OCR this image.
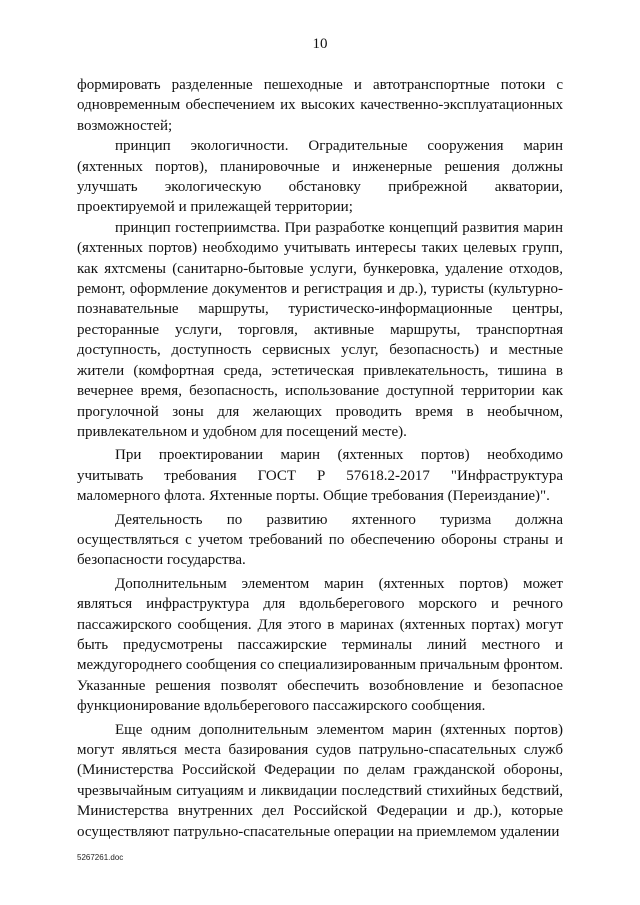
10

формировать разделенные пешеходные и автотранспортные потоки с одновременным обеспечением их высоких качественно-эксплуатационных возможностей;

принцип экологичности. Оградительные сооружения марин (яхтенных портов), планировочные и инженерные решения должны улучшать экологическую обстановку прибрежной акватории, проектируемой и прилежащей территории;

принцип гостеприимства. При разработке концепций развития марин (яхтенных портов) необходимо учитывать интересы таких целевых групп, как яхтсмены (санитарно-бытовые услуги, бункеровка, удаление отходов, ремонт, оформление документов и регистрация и др.), туристы (культурно-познавательные маршруты, туристическо-информационные центры, ресторанные услуги, торговля, активные маршруты, транспортная доступность, доступность сервисных услуг, безопасность) и местные жители (комфортная среда, эстетическая привлекательность, тишина в вечернее время, безопасность, использование доступной территории как прогулочной зоны для желающих проводить время в необычном, привлекательном и удобном для посещений месте).

При проектировании марин (яхтенных портов) необходимо учитывать требования ГОСТ Р 57618.2-2017 "Инфраструктура маломерного флота. Яхтенные порты. Общие требования (Переиздание)".

Деятельность по развитию яхтенного туризма должна осуществляться с учетом требований по обеспечению обороны страны и безопасности государства.

Дополнительным элементом марин (яхтенных портов) может являться инфраструктура для вдольберегового морского и речного пассажирского сообщения. Для этого в маринах (яхтенных портах) могут быть предусмотрены пассажирские терминалы линий местного и междугороднего сообщения со специализированным причальным фронтом. Указанные решения позволят обеспечить возобновление и безопасное функционирование вдольберегового пассажирского сообщения.

Еще одним дополнительным элементом марин (яхтенных портов) могут являться места базирования судов патрульно-спасательных служб (Министерства Российской Федерации по делам гражданской обороны, чрезвычайным ситуациям и ликвидации последствий стихийных бедствий, Министерства внутренних дел Российской Федерации и др.), которые осуществляют патрульно-спасательные операции на приемлемом удалении

5267261.doc
